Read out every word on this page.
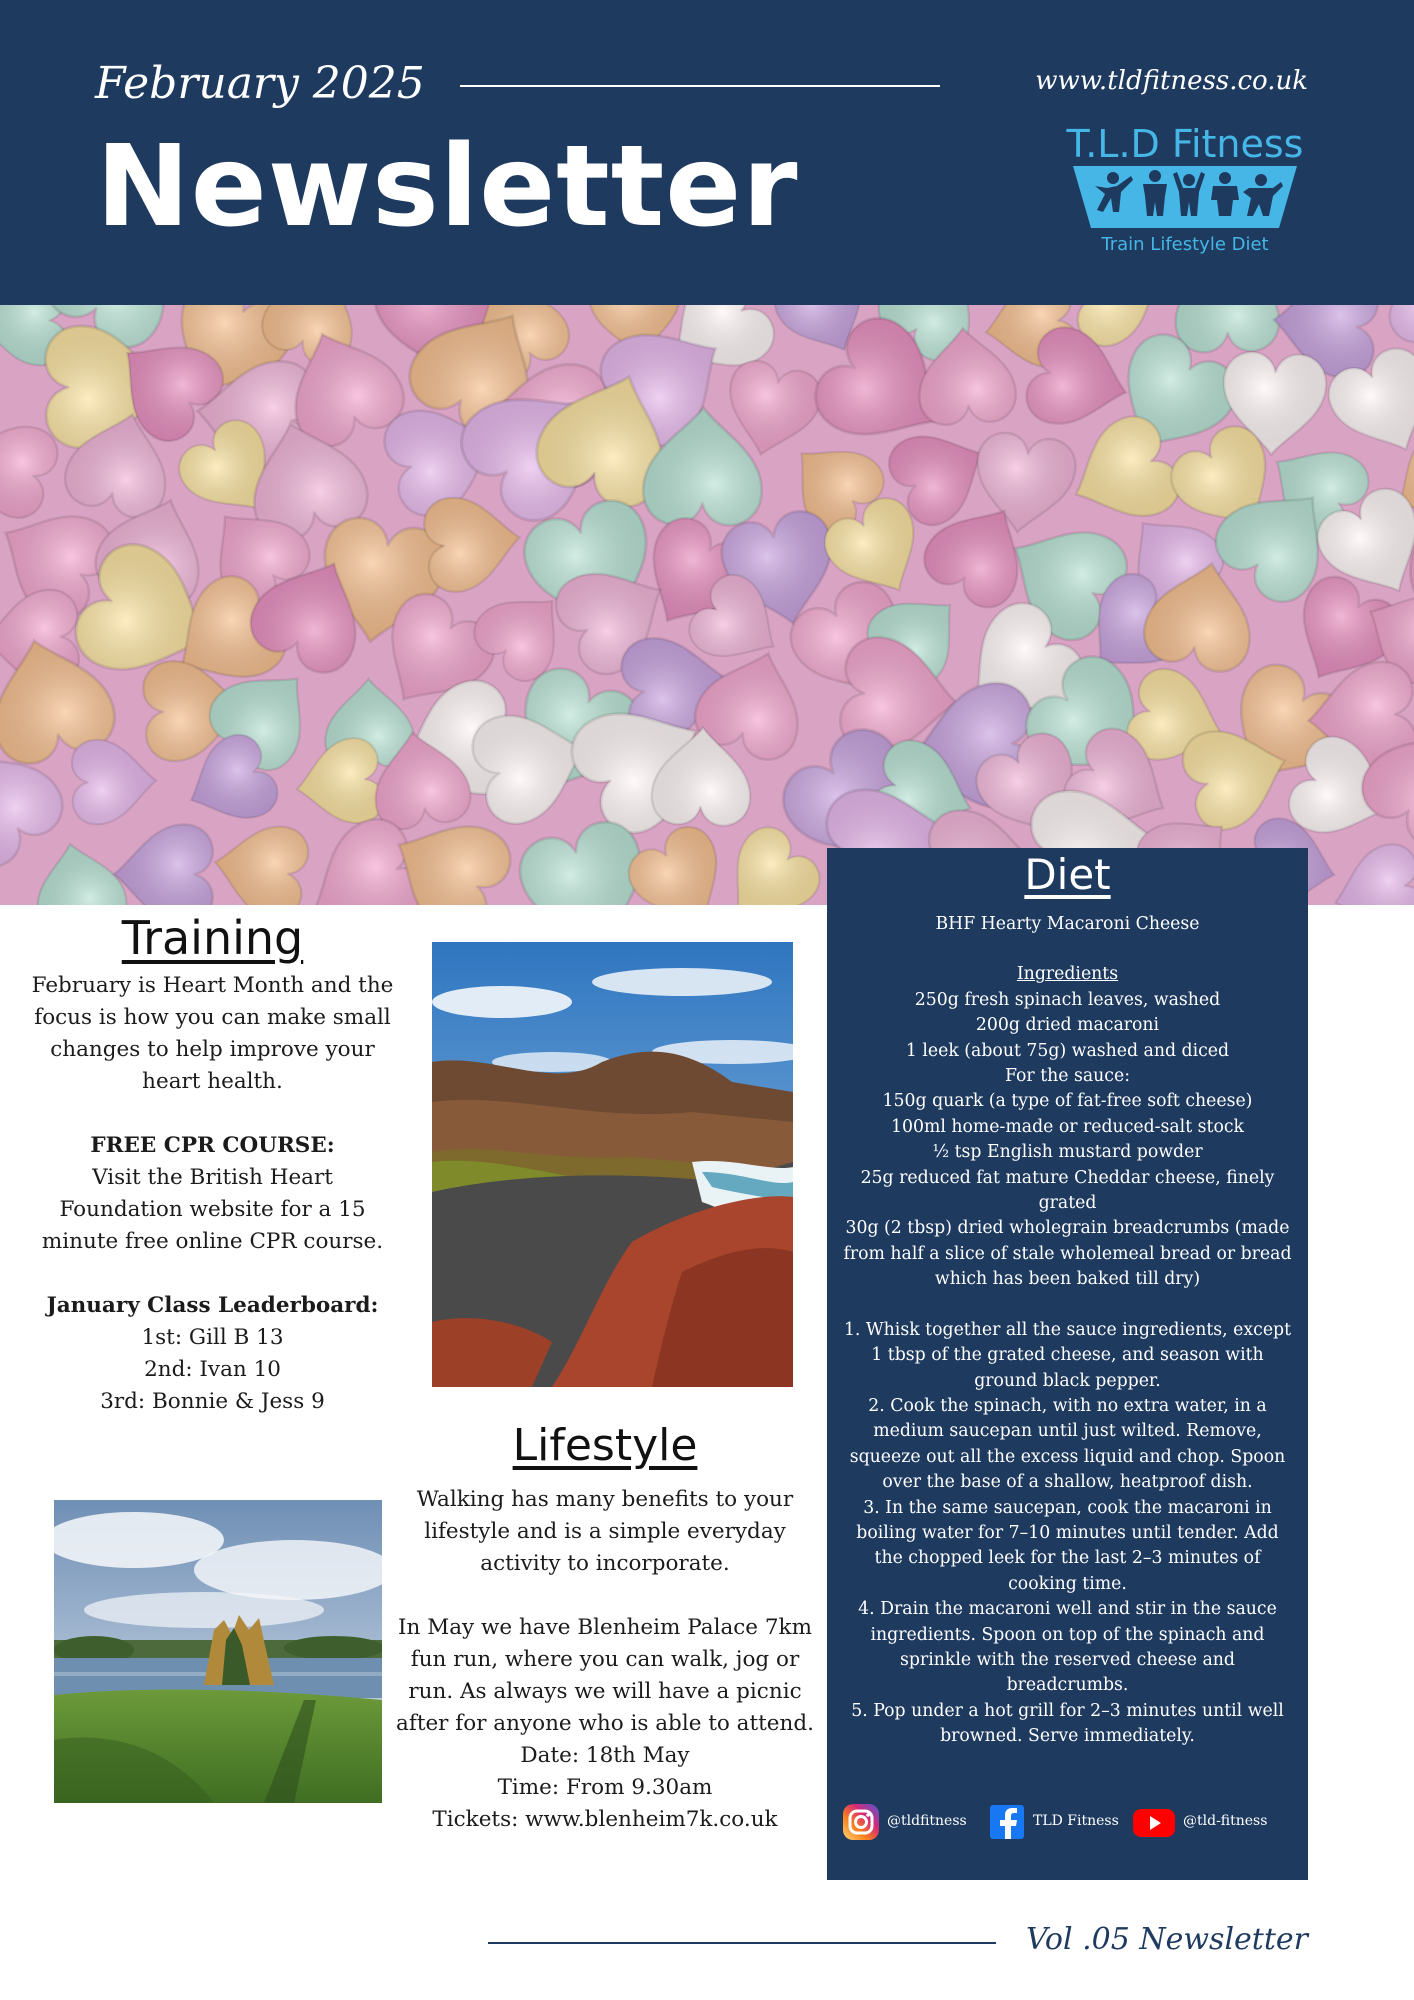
February 2025
Newsletter
www.tldfitness.co.uk
T.L.D Fitness
Train Lifestyle Diet
Training

February is Heart Month and the focus is how you can make small changes to help improve your heart health.

FREE CPR COURSE:

Visit the British Heart Foundation website for a 15 minute free online CPR course.

January Class Leaderboard:

1st: Gill B 13

2nd: Ivan 10

3rd: Bonnie & Jess 9

Lifestyle

Walking has many benefits to your lifestyle and is a simple everyday activity to incorporate.

In May we have Blenheim Palace 7km fun run, where you can walk, jog or run. As always we will have a picnic after for anyone who is able to attend.

Date: 18th May

Time: From 9.30am

Tickets: www.blenheim7k.co.uk

Diet

BHF Hearty Macaroni Cheese

Ingredients

250g fresh spinach leaves, washed

200g dried macaroni

1 leek (about 75g) washed and diced

For the sauce:

150g quark (a type of fat-free soft cheese)

100ml home-made or reduced-salt stock

½ tsp English mustard powder

25g reduced fat mature Cheddar cheese, finely grated

30g (2 tbsp) dried wholegrain breadcrumbs (made from half a slice of stale wholemeal bread or bread which has been baked till dry)

1. Whisk together all the sauce ingredients, except 1 tbsp of the grated cheese, and season with ground black pepper.

2. Cook the spinach, with no extra water, in a medium saucepan until just wilted. Remove, squeeze out all the excess liquid and chop. Spoon over the base of a shallow, heatproof dish.

3. In the same saucepan, cook the macaroni in boiling water for 7–10 minutes until tender. Add the chopped leek for the last 2–3 minutes of cooking time.

4. Drain the macaroni well and stir in the sauce ingredients. Spoon on top of the spinach and sprinkle with the reserved cheese and breadcrumbs.

5. Pop under a hot grill for 2–3 minutes until well browned. Serve immediately.

@tldfitness	TLD Fitness	@tld-fitness
Vol .05 Newsletter
